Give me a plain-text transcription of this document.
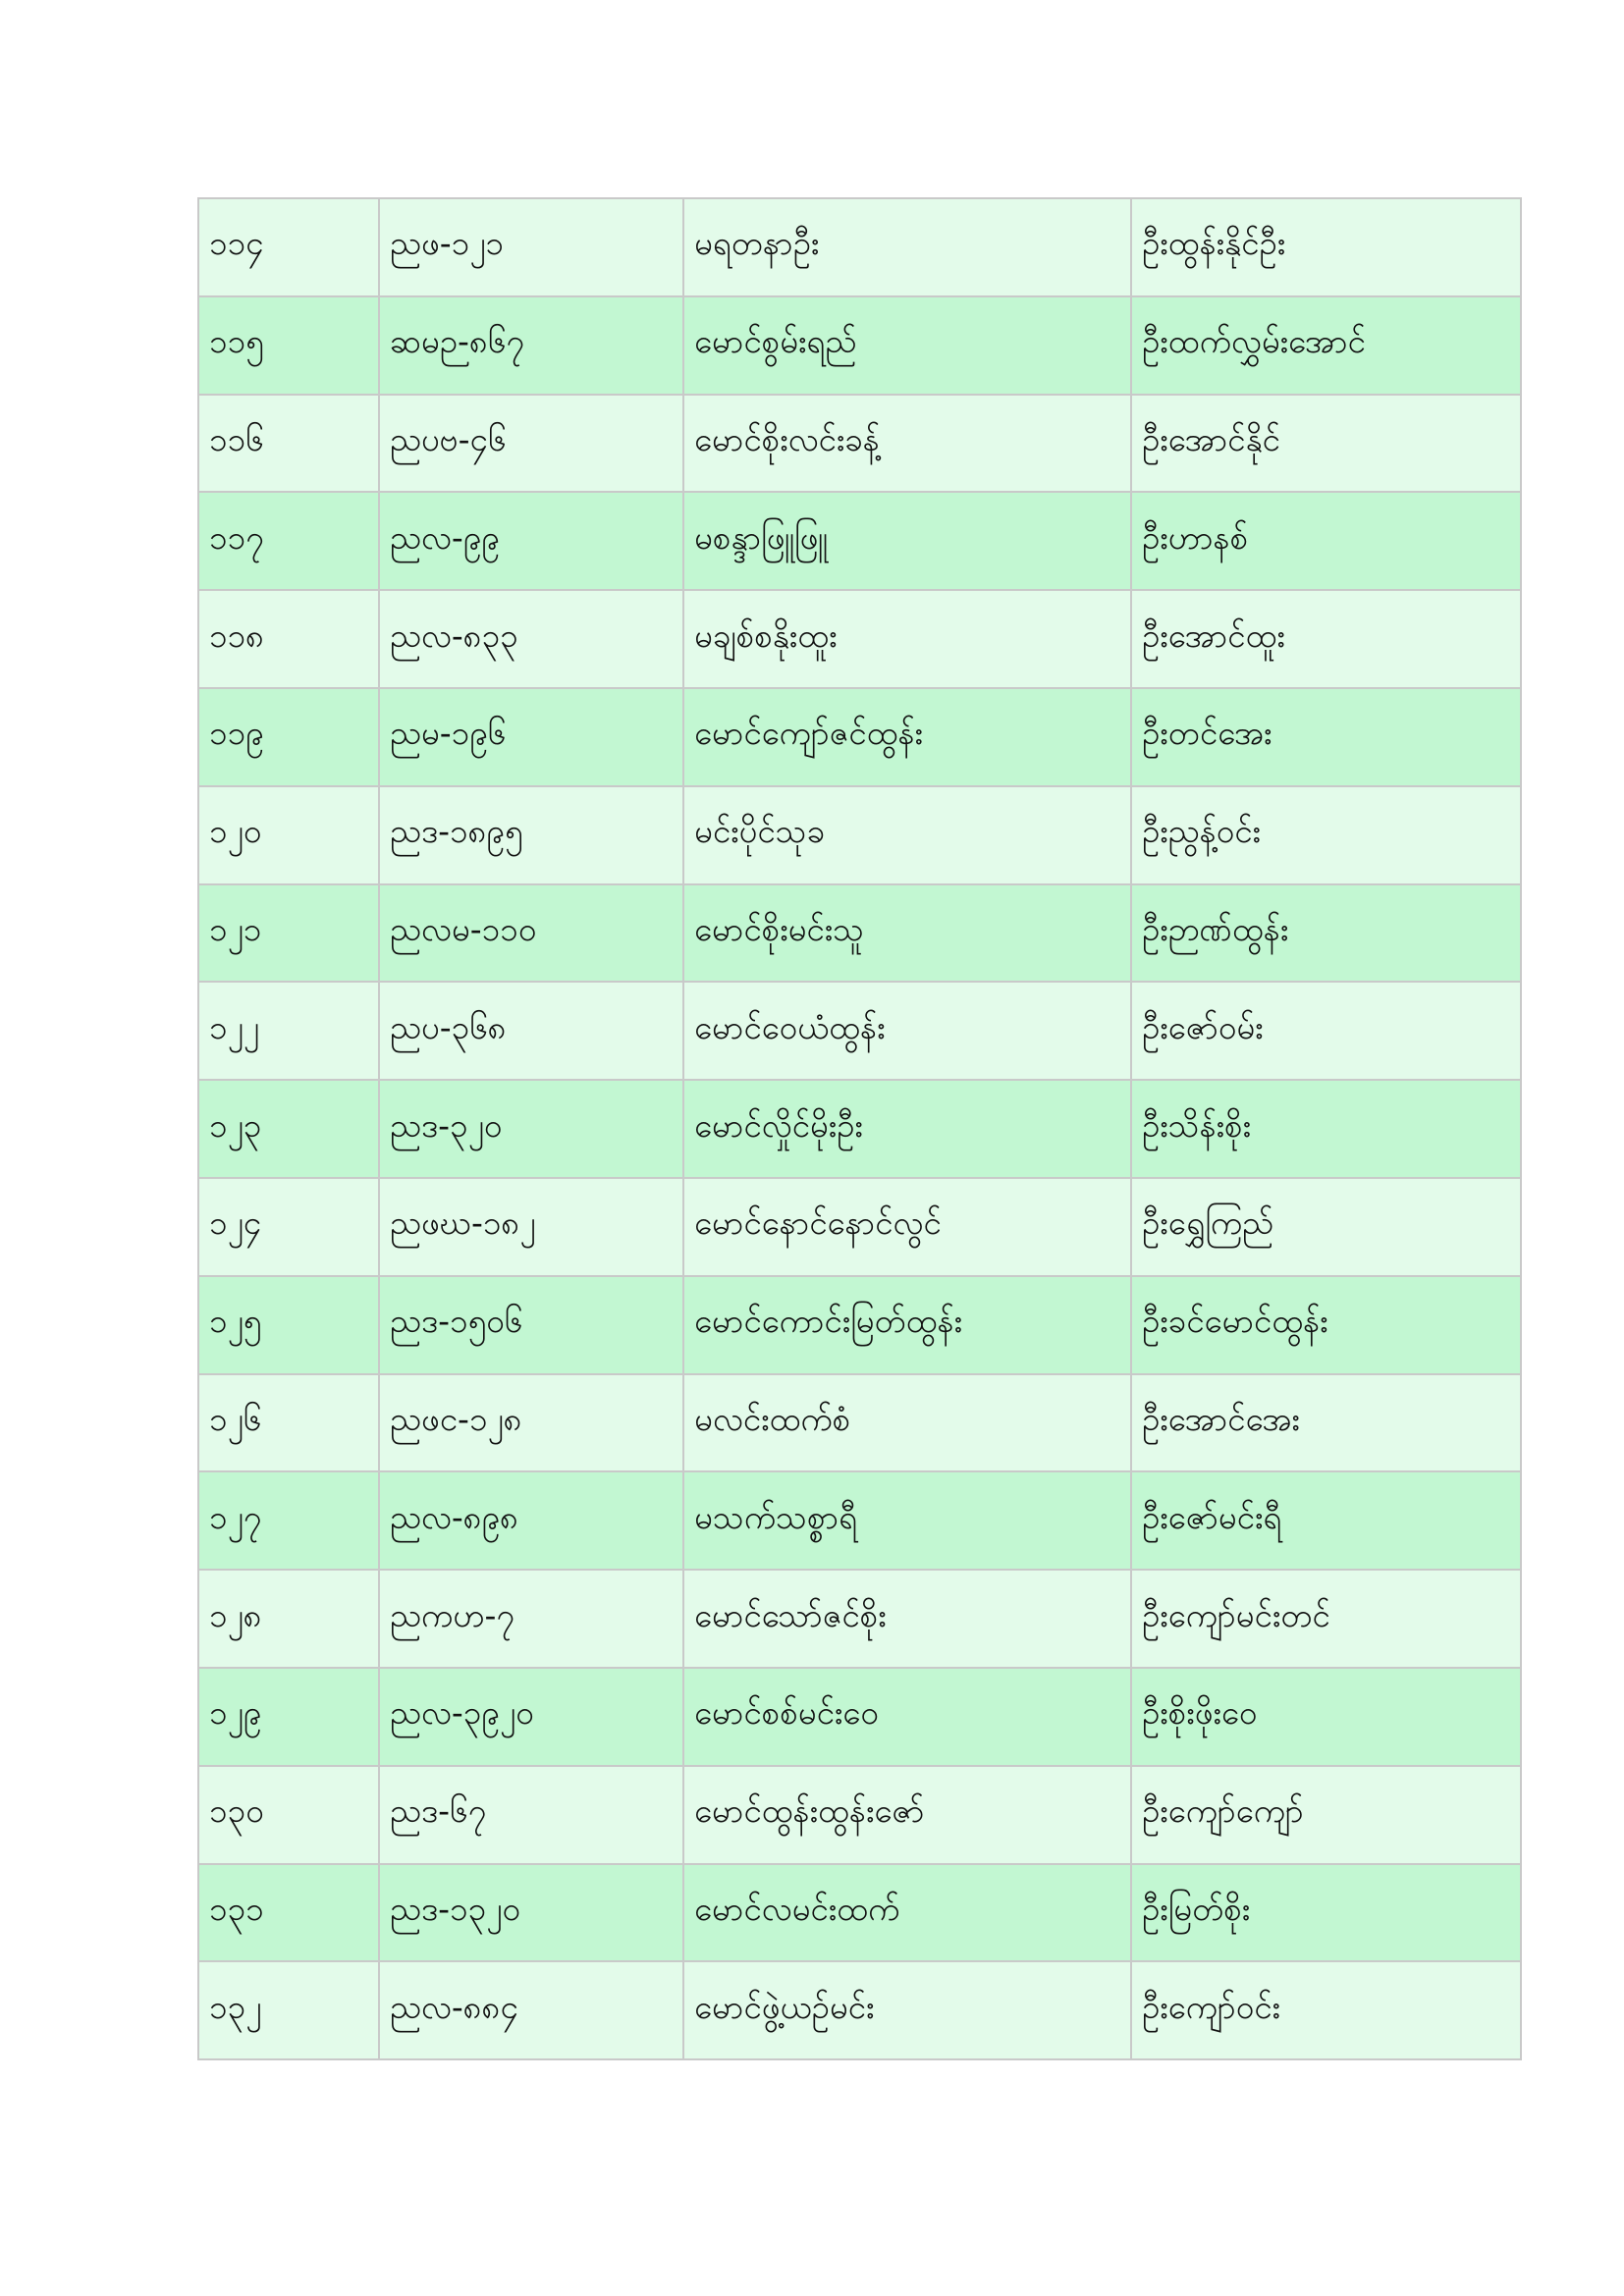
၁၁၄	ညဖ-၁၂၁	မရတနာဦး	ဦးထွန်းနိုင်ဦး
၁၁၅	ဆမဉ-၈၆၇	မောင်စွမ်းရည်	ဦးထက်လွှမ်းအောင်
၁၁၆	ညပဗ-၄၆	မောင်စိုးလင်းခန့်	ဦးအောင်နိုင်
၁၁၇	ညလ-၉၉	မစန္ဒာဖြူဖြူ	ဦးဟာနစ်
၁၁၈	ညလ-၈၃၃	မချစ်စနိုးထူး	ဦးအောင်ထူး
၁၁၉	ညမ-၁၉၆	မောင်ကျော်ဇင်ထွန်း	ဦးတင်အေး
၁၂၀	ညဒ-၁၈၉၅	မင်းပိုင်သုခ	ဦးညွန့်ဝင်း
၁၂၁	ညလမ-၁၁၀	မောင်စိုးမင်းသူ	ဦးဉာဏ်ထွန်း
၁၂၂	ညပ-၃၆၈	မောင်ဝေယံထွန်း	ဦးဇော်ဝမ်း
၁၂၃	ညဒ-၃၂၀	မောင်လှိုင်မိုးဦး	ဦးသိန်းစိုး
၁၂၄	ညဖဃ-၁၈၂	မောင်နောင်နောင်လွင်	ဦးရွှေကြည်
၁၂၅	ညဒ-၁၅၀၆	မောင်ကောင်းမြတ်ထွန်း	ဦးခင်မောင်ထွန်း
၁၂၆	ညဖင-၁၂၈	မလင်းထက်စံ	ဦးအောင်အေး
၁၂၇	ညလ-၈၉၈	မသက်သစ္စာရီ	ဦးဇော်မင်းရီ
၁၂၈	ညကဟ-၇	မောင်သော်ဇင်စိုး	ဦးကျော်မင်းတင်
၁၂၉	ညလ-၃၉၂၀	မောင်စစ်မင်းဝေ	ဦးစိုးဖိုးဝေ
၁၃၀	ညဒ-၆၇	မောင်ထွန်းထွန်းဇော်	ဦးကျော်ကျော်
၁၃၁	ညဒ-၁၃၂၀	မောင်လမင်းထက်	ဦးမြတ်စိုး
၁၃၂	ညလ-၈၈၄	မောင်ဖွဲ့ယဉ်မင်း	ဦးကျော်ဝင်း
